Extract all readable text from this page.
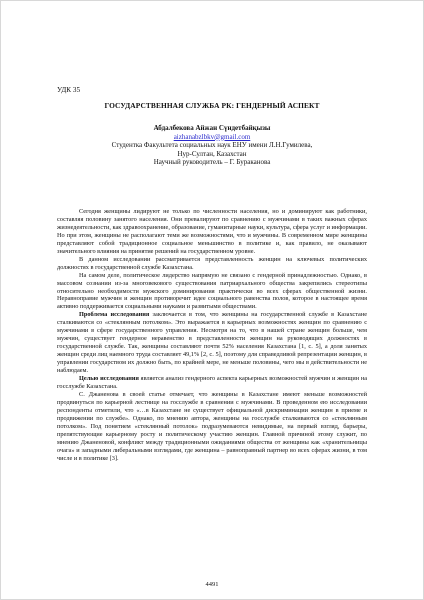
УДК 35
ГОСУДАРСТВЕННАЯ СЛУЖБА РК: ГЕНДЕРНЫЙ АСПЕКТ
Абдалбекова Айжан Сүндетбайқызы
aizhanabzlbkv@gmail.com
Студентка Факультета социальных наук ЕНУ имени Л.Н.Гумилева,
Нур-Султан, Казахстан
Научный руководитель – Г. Бураканова

Сегодня женщины лидируют не только по численности населения, но и доминируют как работники, составляя половину занятого населения. Они превалируют по сравнению с мужчинами в таких важных сферах жизнедеятельности, как здравоохранение, образование, гуманитарные науки, культура, сфера услуг и информации. Но при этом, женщины не располагают теми же возможностями, что и мужчины. В современном мире женщины представляют собой традиционное социальное меньшинство в политике и, как правило, не оказывают значительного влияния на принятие решений на государственном уровне.

В данном исследовании рассматривается представленность женщин на ключевых политических должностях в государственной службе Казахстана.

На самом деле, политическое лидерство напрямую не связано с гендерной принадлежностью. Однако, в массовом сознании из-за многовекового существования патриархального общества закрепились стереотипы относительно необходимости мужского доминирования практически во всех сферах общественной жизни. Неравноправие мужчин и женщин противоречит идее социального равенства полов, которое в настоящее время активно поддерживается социальными науками и развитыми обществами.

Проблема исследования заключается в том, что женщины на государственной службе в Казахстане сталкиваются со «стеклянным потолком». Это выражается в карьерных возможностях женщин по сравнению с мужчинами в сфере государственного управления. Несмотря на то, что в нашей стране женщин больше, чем мужчин, существует гендерное неравенство в представленности женщин на руководящих должностях в государственной службе. Так, женщины составляют почти 52% населения Казахстана [1, с. 5], а доля занятых женщин среди лиц наемного труда составляет 49,1% [2, с. 5], поэтому для справедливой репрезентации женщин, в управлении государством их должно быть, по крайней мере, не меньше половины, чего мы в действительности не наблюдаем.

Целью исследования является анализ гендерного аспекта карьерных возможностей мужчин и женщин на госслужбе Казахстана.

С. Джаненова в своей статье отмечает, что женщины в Казахстане имеют меньше возможностей продвинуться по карьерной лестнице на госслужбе в сравнении с мужчинами. В проведенном ею исследовании респонденты отметили, что «…в Казахстане не существует официальной дискриминации женщин в приеме и продвижении по службе». Однако, по мнению автора, женщины на госслужбе сталкиваются со «стеклянным потолком». Под понятием «стеклянный потолок» подразумеваются невидимые, на первый взгляд, барьеры, препятствующие карьерному росту и политическому участию женщин. Главной причиной этому служит, по мнению Джаненовой, конфликт между традиционными ожиданиями общества от женщины как «хранительницы очага» и западными либеральными взглядами, где женщина – равноправный партнер во всех сферах жизни, в том числе и в политике [3].

4491
